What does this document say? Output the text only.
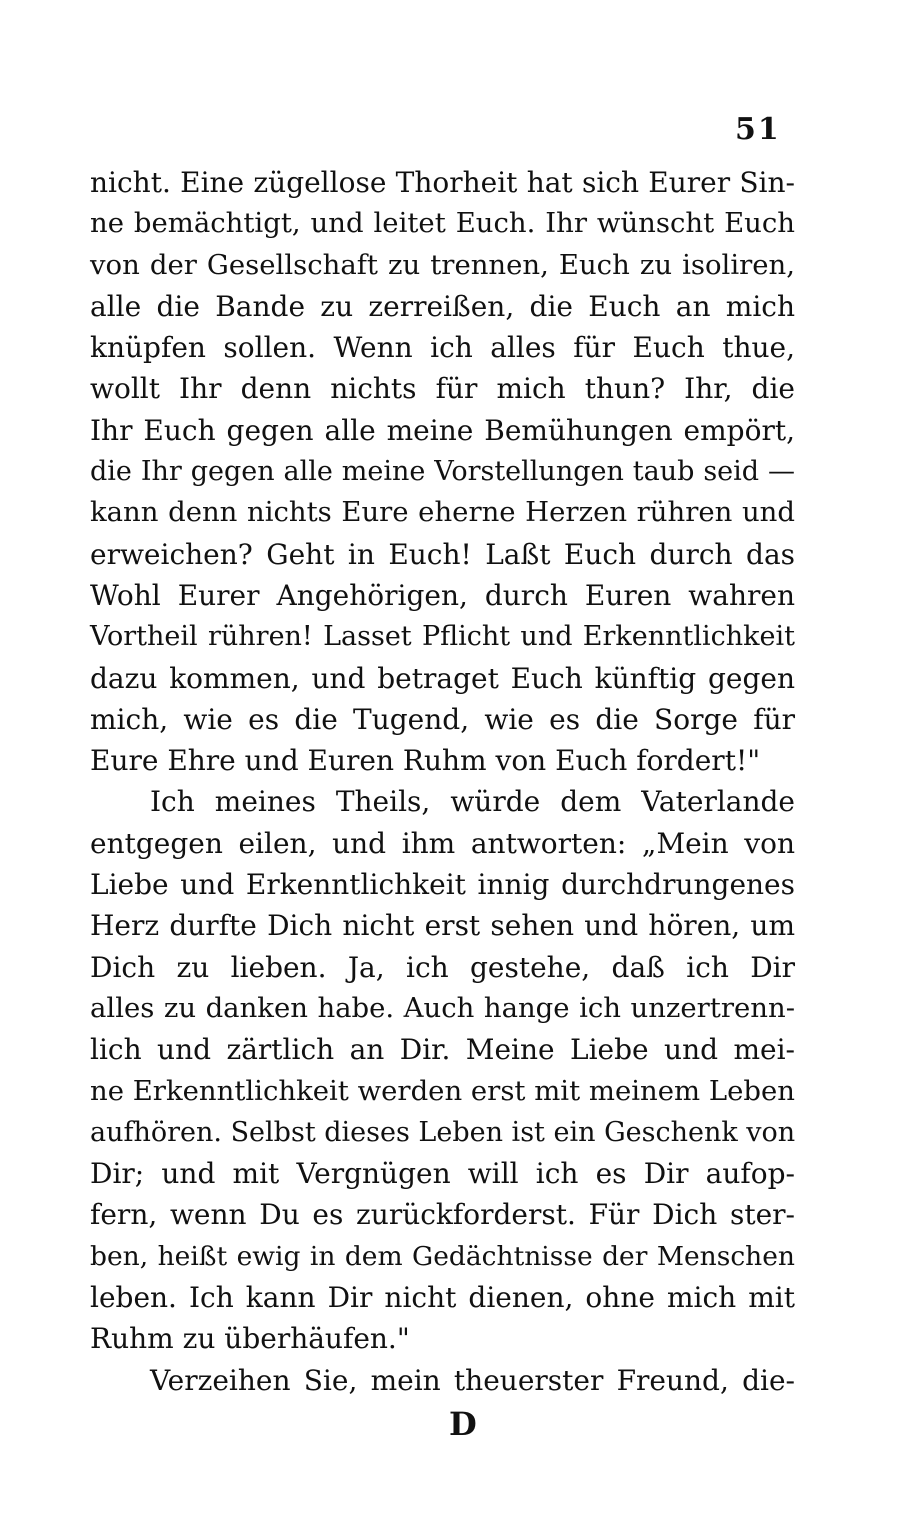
51
nicht. Eine zügellose Thorheit hat sich Eurer Sin-
ne bemächtigt, und leitet Euch. Ihr wünscht Euch
von der Gesellschaft zu trennen, Euch zu isoliren,
alle die Bande zu zerreißen, die Euch an mich
knüpfen sollen. Wenn ich alles für Euch thue,
wollt Ihr denn nichts für mich thun? Ihr, die
Ihr Euch gegen alle meine Bemühungen empört,
die Ihr gegen alle meine Vorstellungen taub seid —
kann denn nichts Eure eherne Herzen rühren und
erweichen? Geht in Euch! Laßt Euch durch das
Wohl Eurer Angehörigen, durch Euren wahren
Vortheil rühren! Lasset Pflicht und Erkenntlichkeit
dazu kommen, und betraget Euch künftig gegen
mich, wie es die Tugend, wie es die Sorge für
Eure Ehre und Euren Ruhm von Euch fordert!"
Ich meines Theils, würde dem Vaterlande
entgegen eilen, und ihm antworten: „Mein von
Liebe und Erkenntlichkeit innig durchdrungenes
Herz durfte Dich nicht erst sehen und hören, um
Dich zu lieben. Ja, ich gestehe, daß ich Dir
alles zu danken habe. Auch hange ich unzertrenn-
lich und zärtlich an Dir. Meine Liebe und mei-
ne Erkenntlichkeit werden erst mit meinem Leben
aufhören. Selbst dieses Leben ist ein Geschenk von
Dir; und mit Vergnügen will ich es Dir aufop-
fern, wenn Du es zurückforderst. Für Dich ster-
ben, heißt ewig in dem Gedächtnisse der Menschen
leben. Ich kann Dir nicht dienen, ohne mich mit
Ruhm zu überhäufen."
Verzeihen Sie, mein theuerster Freund, die-
D
